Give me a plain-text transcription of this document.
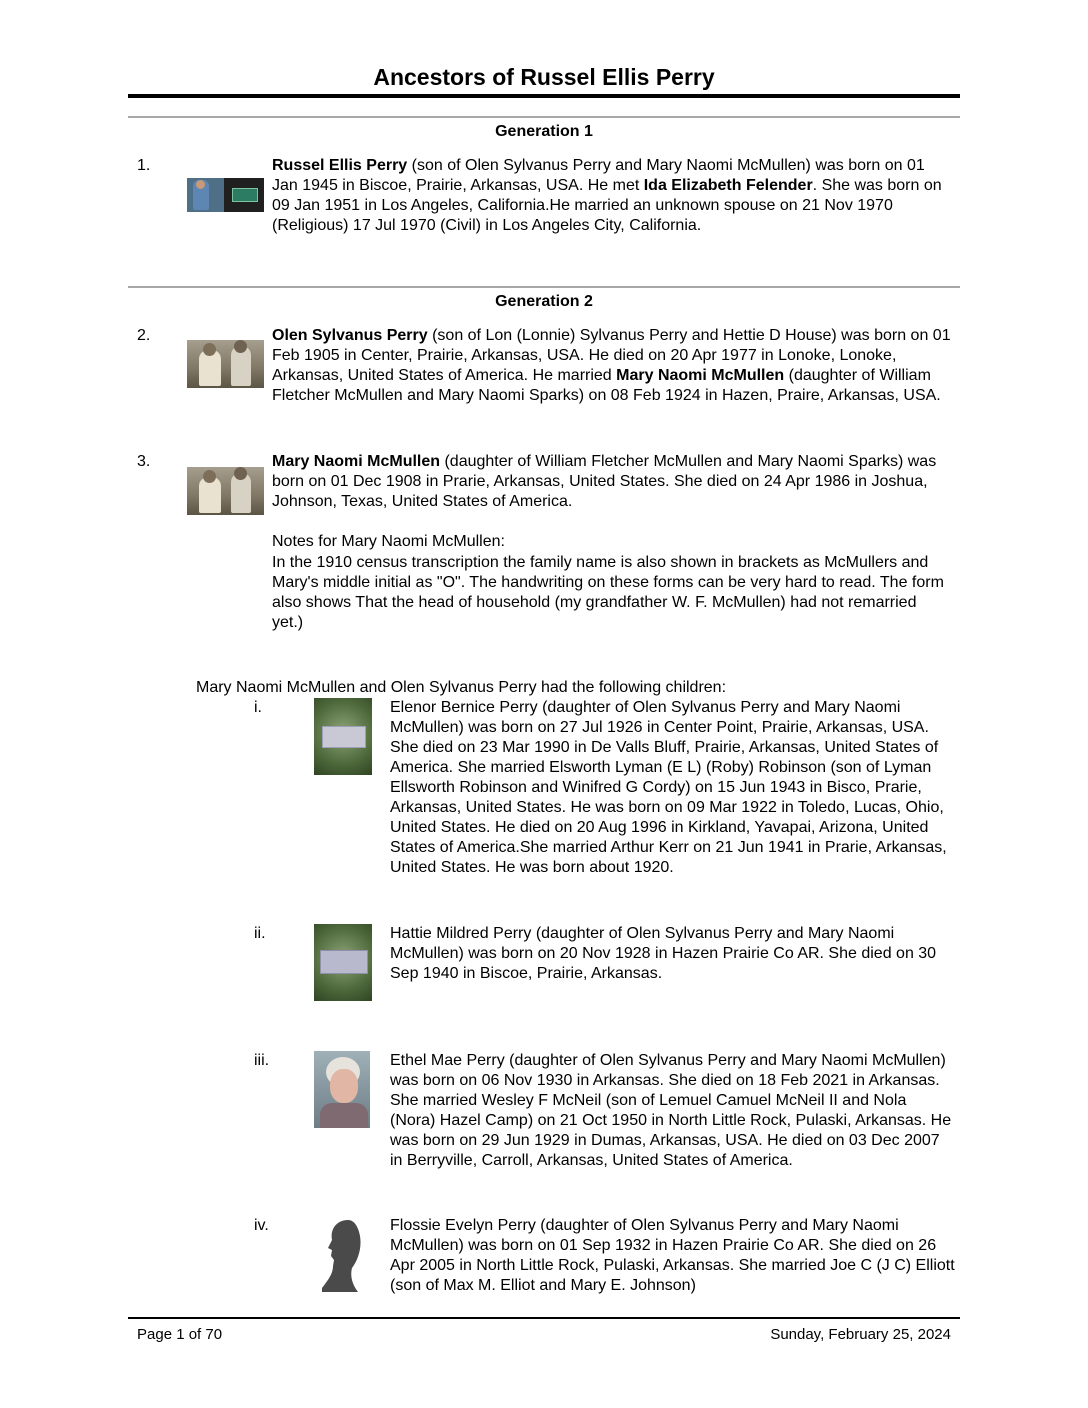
Ancestors of Russel Ellis Perry
Generation 1
1.	Russel Ellis Perry (son of Olen Sylvanus Perry and Mary Naomi McMullen) was born on 01 Jan 1945 in Biscoe, Prairie, Arkansas, USA. He met Ida Elizabeth Felender. She was born on 09 Jan 1951 in Los Angeles, California.He married an unknown spouse on 21 Nov 1970 (Religious) 17 Jul 1970 (Civil) in Los Angeles City, California.
Generation 2
2.	Olen Sylvanus Perry (son of Lon (Lonnie) Sylvanus Perry and Hettie D House) was born on 01 Feb 1905 in Center, Prairie, Arkansas, USA. He died on 20 Apr 1977 in Lonoke, Lonoke, Arkansas, United States of America. He married Mary Naomi McMullen (daughter of William Fletcher McMullen and Mary Naomi Sparks) on 08 Feb 1924 in Hazen, Praire, Arkansas, USA.
3.	Mary Naomi McMullen (daughter of William Fletcher McMullen and Mary Naomi Sparks) was born on 01 Dec 1908 in Prarie, Arkansas, United States. She died on 24 Apr 1986 in Joshua, Johnson, Texas, United States of America.
Notes for Mary Naomi McMullen:
In the 1910 census transcription the family name is also shown in brackets as McMullers and Mary's middle initial as "O". The handwriting on these forms can be very hard to read. The form also shows That the head of household (my grandfather W. F. McMullen) had not remarried yet.)
Mary Naomi McMullen and Olen Sylvanus Perry had the following children:
i.	Elenor Bernice Perry (daughter of Olen Sylvanus Perry and Mary Naomi McMullen) was born on 27 Jul 1926 in Center Point, Prairie, Arkansas, USA. She died on 23 Mar 1990 in De Valls Bluff, Prairie, Arkansas, United States of America. She married Elsworth Lyman (E L) (Roby) Robinson (son of Lyman Ellsworth Robinson and Winifred G Cordy) on 15 Jun 1943 in Bisco, Prarie, Arkansas, United States. He was born on 09 Mar 1922 in Toledo, Lucas, Ohio, United States. He died on 20 Aug 1996 in Kirkland, Yavapai, Arizona, United States of America.She married Arthur Kerr on 21 Jun 1941 in Prarie, Arkansas, United States. He was born about 1920.
ii.	Hattie Mildred Perry (daughter of Olen Sylvanus Perry and Mary Naomi McMullen) was born on 20 Nov 1928 in Hazen Prairie Co AR. She died on 30 Sep 1940 in Biscoe, Prairie, Arkansas.
iii.	Ethel Mae Perry (daughter of Olen Sylvanus Perry and Mary Naomi McMullen) was born on 06 Nov 1930 in Arkansas. She died on 18 Feb 2021 in Arkansas. She married Wesley F McNeil (son of Lemuel Camuel McNeil II and Nola (Nora) Hazel Camp) on 21 Oct 1950 in North Little Rock, Pulaski, Arkansas. He was born on 29 Jun 1929 in Dumas, Arkansas, USA. He died on 03 Dec 2007 in Berryville, Carroll, Arkansas, United States of America.
iv.	Flossie Evelyn Perry (daughter of Olen Sylvanus Perry and Mary Naomi McMullen) was born on 01 Sep 1932 in Hazen Prairie Co AR. She died on 26 Apr 2005 in North Little Rock, Pulaski, Arkansas. She married Joe C (J C) Elliott (son of Max M. Elliot and Mary E. Johnson)
Page 1 of 70	Sunday, February 25, 2024
